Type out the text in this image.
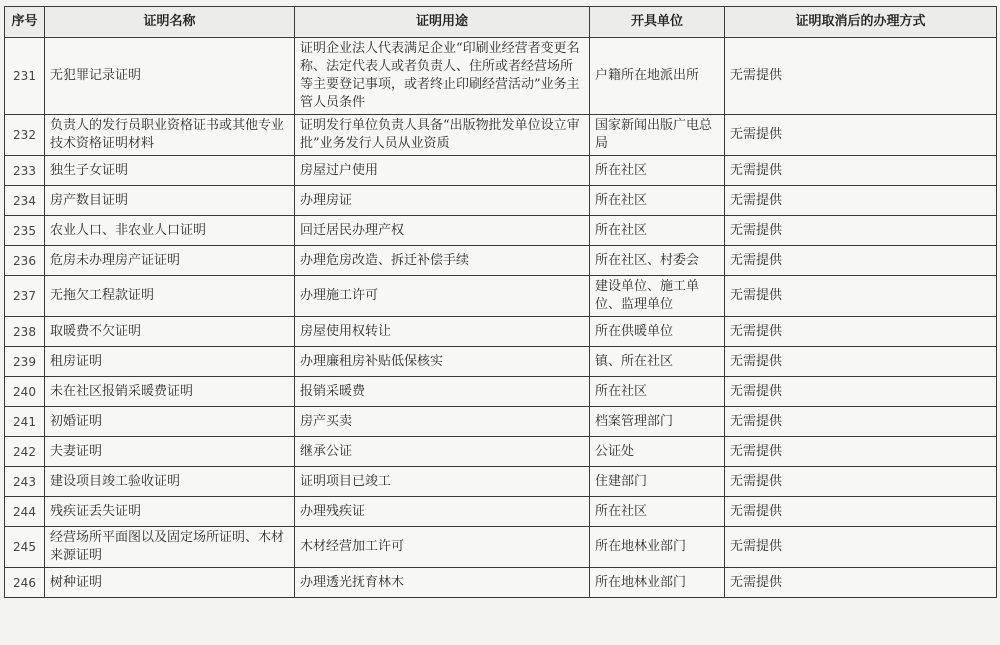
序号	证明名称	证明用途	开具单位	证明取消后的办理方式
231	无犯罪记录证明	证明企业法人代表满足企业“印刷业经营者变更名称、法定代表人或者负责人、住所或者经营场所等主要登记事项，或者终止印刷经营活动”业务主管人员条件	户籍所在地派出所	无需提供
232	负责人的发行员职业资格证书或其他专业技术资格证明材料	证明发行单位负责人具备“出版物批发单位设立审批”业务发行人员从业资质	国家新闻出版广电总局	无需提供
233	独生子女证明	房屋过户使用	所在社区	无需提供
234	房产数目证明	办理房证	所在社区	无需提供
235	农业人口、非农业人口证明	回迁居民办理产权	所在社区	无需提供
236	危房未办理房产证证明	办理危房改造、拆迁补偿手续	所在社区、村委会	无需提供
237	无拖欠工程款证明	办理施工许可	建设单位、施工单位、监理单位	无需提供
238	取暖费不欠证明	房屋使用权转让	所在供暖单位	无需提供
239	租房证明	办理廉租房补贴低保核实	镇、所在社区	无需提供
240	未在社区报销采暖费证明	报销采暖费	所在社区	无需提供
241	初婚证明	房产买卖	档案管理部门	无需提供
242	夫妻证明	继承公证	公证处	无需提供
243	建设项目竣工验收证明	证明项目已竣工	住建部门	无需提供
244	残疾证丢失证明	办理残疾证	所在社区	无需提供
245	经营场所平面图以及固定场所证明、木材来源证明	木材经营加工许可	所在地林业部门	无需提供
246	树种证明	办理透光抚育林木	所在地林业部门	无需提供
